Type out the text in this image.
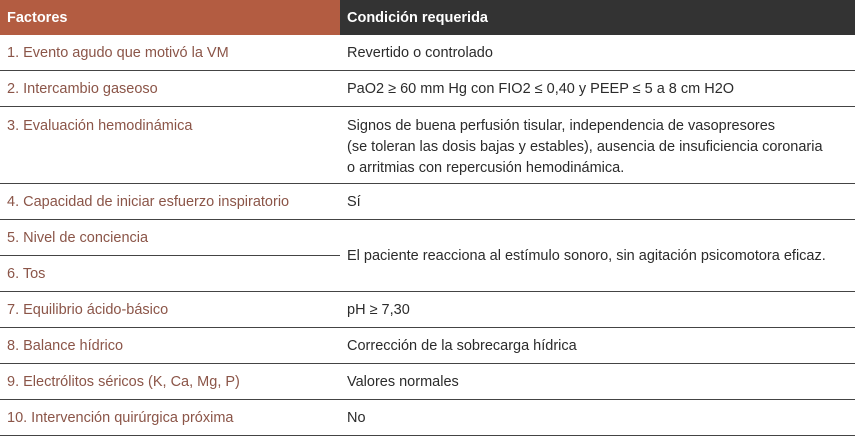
Factores	Condición requerida
1. Evento agudo que motivó la VM	Revertido o controlado
2. Intercambio gaseoso	PaO2 ≥ 60 mm Hg con FIO2 ≤ 0,40 y PEEP ≤ 5 a 8 cm H2O
3. Evaluación hemodinámica	Signos de buena perfusión tisular, independencia de vasopresores
(se toleran las dosis bajas y estables), ausencia de insuficiencia coronaria
o arritmias con repercusión hemodinámica.

4. Capacidad de iniciar esfuerzo inspiratorio	Sí
5. Nivel de conciencia	El paciente reacciona al estímulo sonoro, sin agitación psicomotora eficaz.
6. Tos	
7. Equilibrio ácido-básico	pH ≥ 7,30
8. Balance hídrico	Corrección de la sobrecarga hídrica
9. Electrólitos séricos (K, Ca, Mg, P)	Valores normales
10. Intervención quirúrgica próxima	No
